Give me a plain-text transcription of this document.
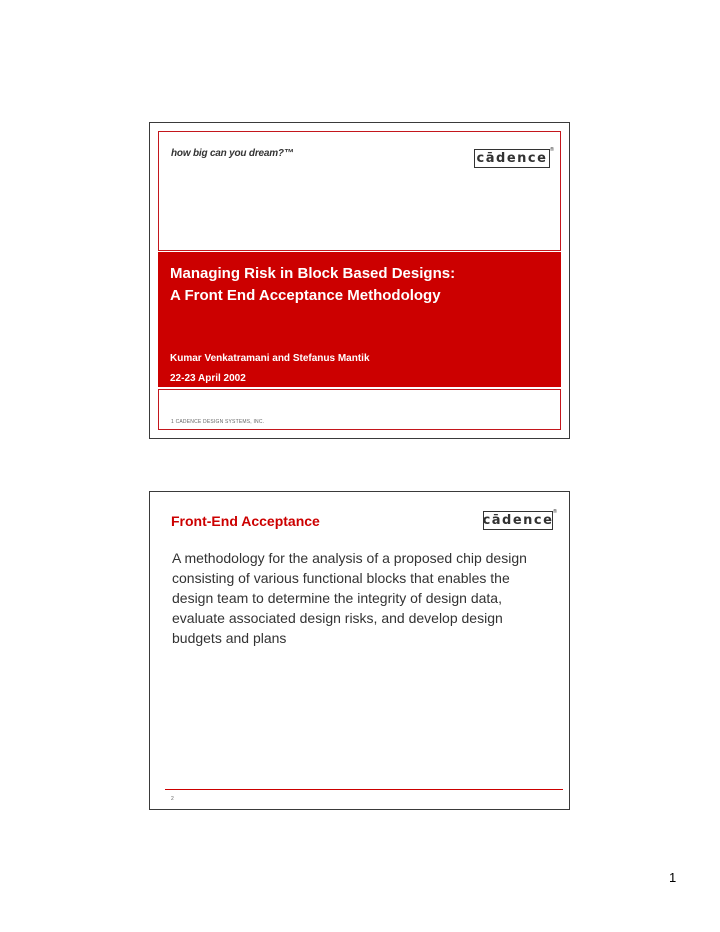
how big can you dream?™	cādence
®
Managing Risk in Block Based Designs:
A Front End Acceptance Methodology
Kumar Venkatramani and Stefanus Mantik
22-23 April 2002
1 CADENCE DESIGN SYSTEMS, INC.
Front-End Acceptance	cādence
®
A methodology for the analysis of a proposed chip design consisting of various functional blocks that enables the design team to determine the integrity of design data, evaluate associated design risks, and develop design budgets and plans
2
1
